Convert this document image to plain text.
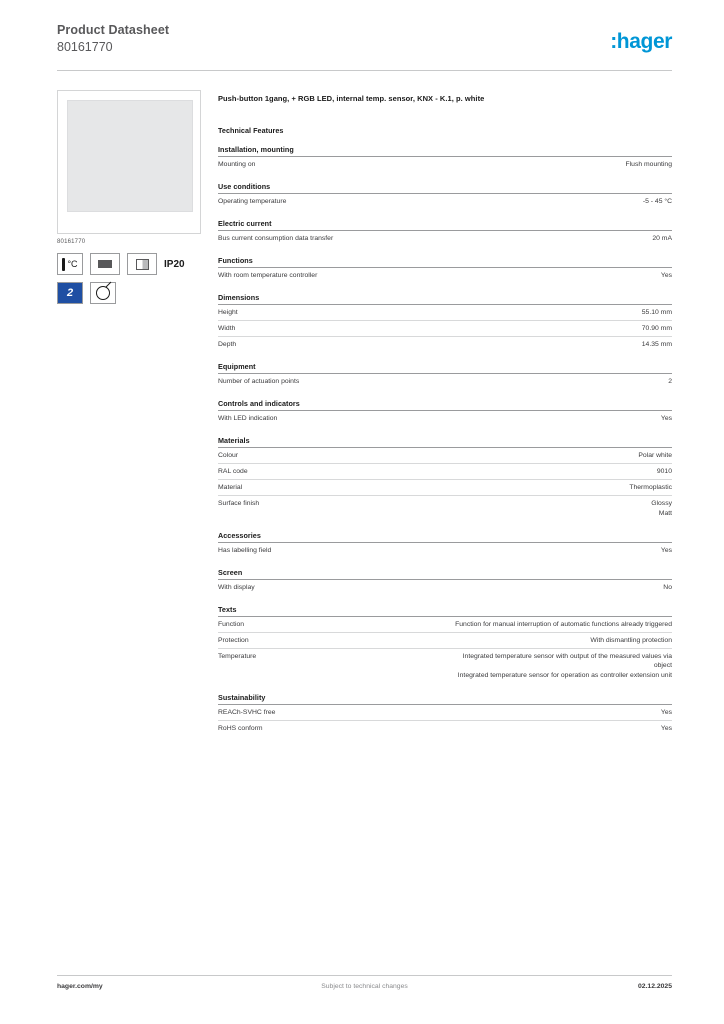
Product Datasheet
80161770	:hager
80161770
°C	IP20
2
Push-button 1gang, + RGB LED, internal temp. sensor, KNX - K.1, p. white
Technical Features
Installation, mounting
Mounting on	Flush mounting
Use conditions
Operating temperature	-5 - 45 °C
Electric current
Bus current consumption data transfer	20 mA
Functions
With room temperature controller	Yes
Dimensions
Height	55.10 mm
Width	70.90 mm
Depth	14.35 mm
Equipment
Number of actuation points	2
Controls and indicators
With LED indication	Yes
Materials
Colour	Polar white
RAL code	9010
Material	Thermoplastic
Surface finish	Glossy
Matt
Accessories
Has labelling field	Yes
Screen
With display	No
Texts
Function	Function for manual interruption of automatic functions already triggered
Protection	With dismantling protection
Temperature	Integrated temperature sensor with output of the measured values via object
Integrated temperature sensor for operation as controller extension unit
Sustainability
REACh-SVHC free	Yes
RoHS conform	Yes
hager.com/my	Subject to technical changes	02.12.2025
